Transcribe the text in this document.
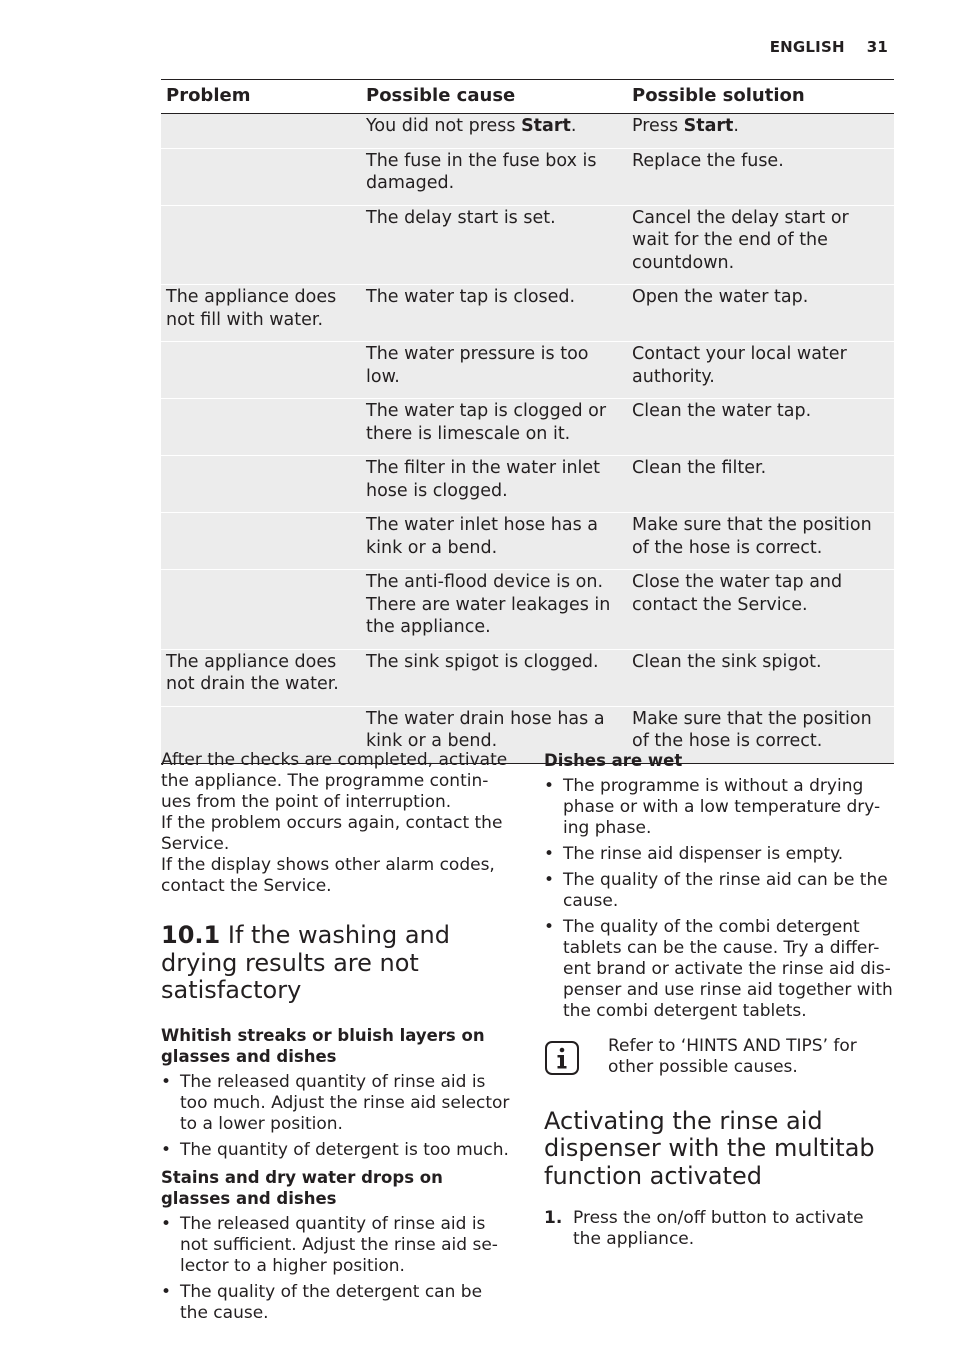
ENGLISH 31
Problem	Possible cause	Possible solution
	You did not press Start.	Press Start.
	The fuse in the fuse box is damaged.	Replace the fuse.
	The delay start is set.	Cancel the delay start or wait for the end of the countdown.
The appliance does not fill with water.	The water tap is closed.	Open the water tap.
	The water pressure is too low.	Contact your local water authority.
	The water tap is clogged or there is limescale on it.	Clean the water tap.
	The filter in the water inlet hose is clogged.	Clean the filter.
	The water inlet hose has a kink or a bend.	Make sure that the position of the hose is correct.
	The anti-flood device is on. There are water leakages in the appliance.	Close the water tap and contact the Service.
The appliance does not drain the water.	The sink spigot is clogged.	Clean the sink spigot.
	The water drain hose has a kink or a bend.	Make sure that the position of the hose is correct.

After the checks are completed, activate the appliance. The programme contin-ues from the point of interruption.

If the problem occurs again, contact the Service.

If the display shows other alarm codes, contact the Service.

10.1 If the washing and drying results are not satisfactory
Whitish streaks or bluish layers on glasses and dishes
• The released quantity of rinse aid is too much. Adjust the rinse aid selector to a lower position.
• The quantity of detergent is too much.
Stains and dry water drops on glasses and dishes
• The released quantity of rinse aid is not sufficient. Adjust the rinse aid se-lector to a higher position.
• The quality of the detergent can be the cause.
Dishes are wet
• The programme is without a drying phase or with a low temperature dry-ing phase.
• The rinse aid dispenser is empty.
• The quality of the rinse aid can be the cause.
• The quality of the combi detergent tablets can be the cause. Try a differ-ent brand or activate the rinse aid dis-penser and use rinse aid together with the combi detergent tablets.
Refer to ‘HINTS AND TIPS’ for other possible causes.
Activating the rinse aid dispenser with the multitab function activated
1. Press the on/off button to activate the appliance.
